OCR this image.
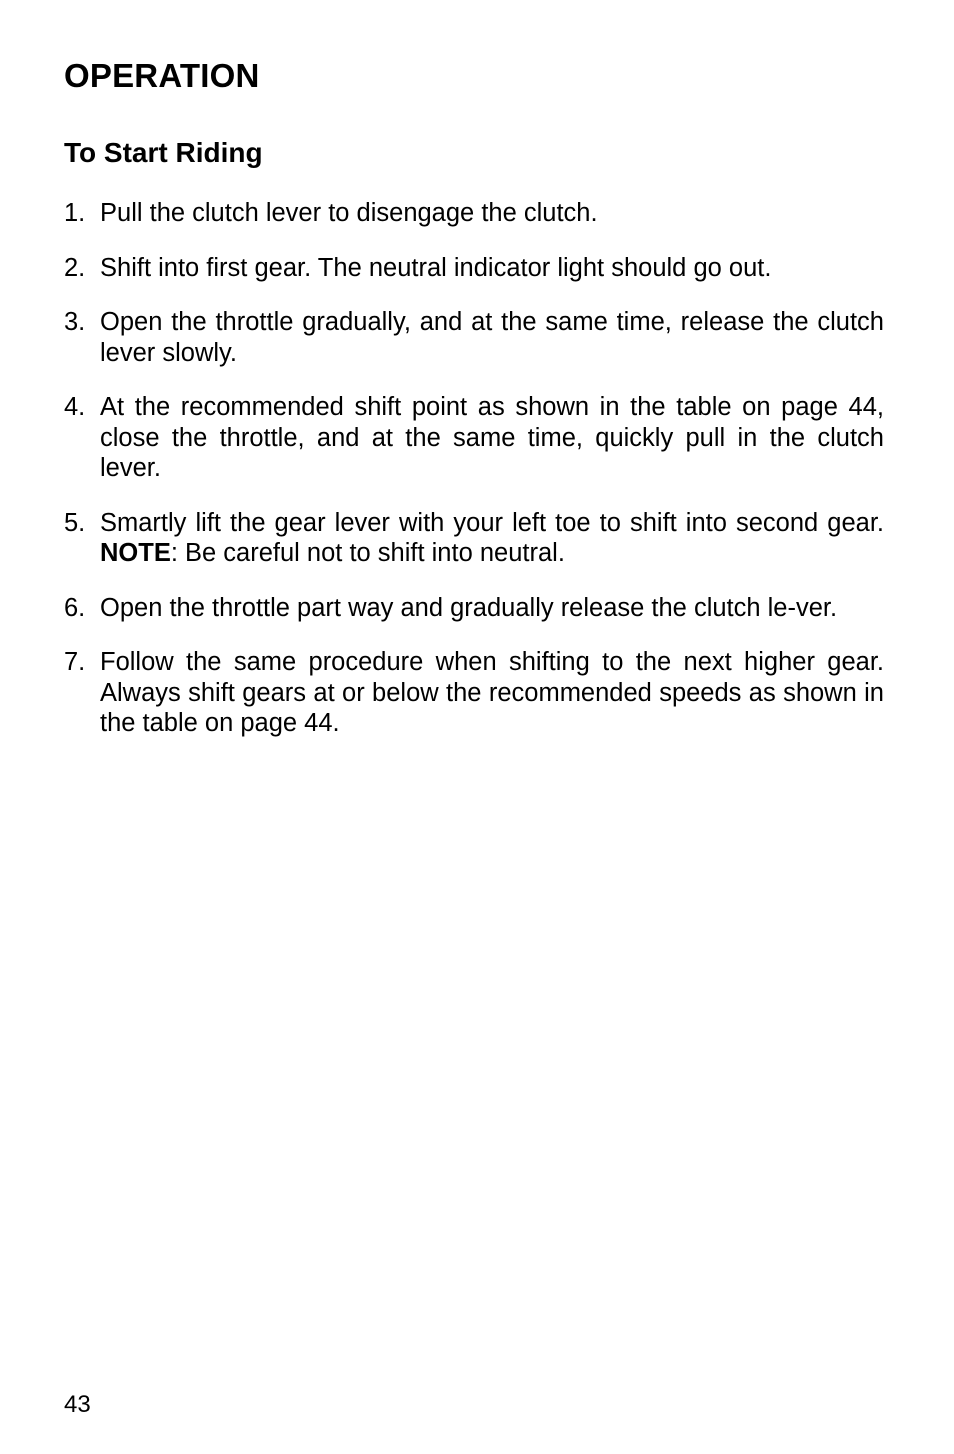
OPERATION
To Start Riding
1. Pull the clutch lever to disengage the clutch.
2. Shift into first gear. The neutral indicator light should go out.
3. Open the throttle gradually, and at the same time, release the clutch lever slowly.
4. At the recommended shift point as shown in the table on page 44, close the throttle, and at the same time, quickly pull in the clutch lever.
5. Smartly lift the gear lever with your left toe to shift into second gear. NOTE: Be careful not to shift into neutral.
6. Open the throttle part way and gradually release the clutch le-ver.
7. Follow the same procedure when shifting to the next higher gear. Always shift gears at or below the recommended speeds as shown in the table on page 44.

43
